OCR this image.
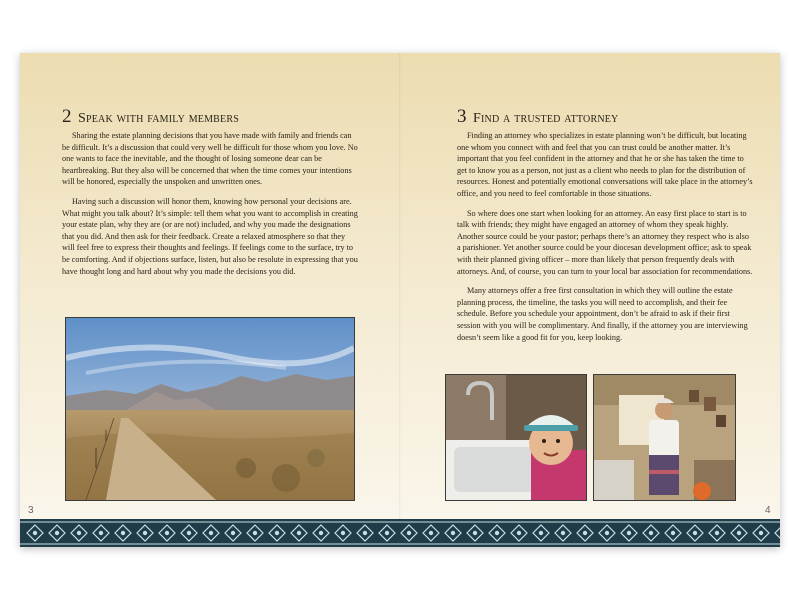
2 Speak with family members

Sharing the estate planning decisions that you have made with family and friends can be difficult. It’s a discussion that could very well be difficult for those whom you love. No one wants to face the inevitable, and the thought of losing someone dear can be heartbreaking. But they also will be concerned that when the time comes your intentions will be honored, especially the unspoken and unwritten ones.

Having such a discussion will honor them, knowing how personal your decisions are. What might you talk about? It’s simple: tell them what you want to accomplish in creating your estate plan, why they are (or are not) included, and why you made the designations that you did. And then ask for their feedback. Create a relaxed atmosphere so that they will feel free to express their thoughts and feelings. If feelings come to the surface, try to be comforting. And if objections surface, listen, but also be resolute in expressing that you have thought long and hard about why you made the decisions you did.

3
3 Find a trusted attorney

Finding an attorney who specializes in estate planning won’t be difficult, but locating one whom you connect with and feel that you can trust could be another matter. It’s important that you feel confident in the attorney and that he or she has taken the time to get to know you as a person, not just as a client who needs to plan for the distribution of resources. Honest and potentially emotional conversations will take place in the attorney’s office, and you need to feel comfortable in those situations.

So where does one start when looking for an attorney. An easy first place to start is to talk with friends; they might have engaged an attorney of whom they speak highly. Another source could be your pastor; perhaps there’s an attorney they respect who is also a parishioner. Yet another source could be your diocesan development office; ask to speak with their planned giving officer – more than likely that person frequently deals with attorneys. And, of course, you can turn to your local bar association for recommendations.

Many attorneys offer a free first consultation in which they will outline the estate planning process, the timeline, the tasks you will need to accomplish, and their fee schedule. Before you schedule your appointment, don’t be afraid to ask if their first session with you will be complimentary. And finally, if the attorney you are interviewing doesn’t seem like a good fit for you, keep looking.

4
